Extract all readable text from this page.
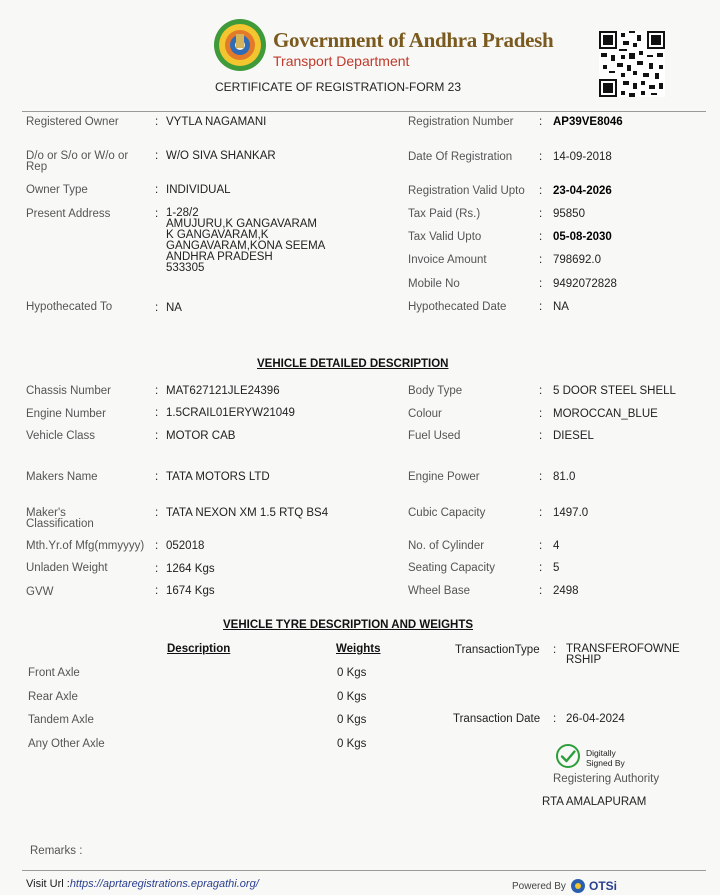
Government of Andhra Pradesh
Transport Department
CERTIFICATE OF REGISTRATION-FORM 23
Registered Owner	: VYTLA NAGAMANI
D/o or S/o or W/o or
Rep
: W/O SIVA SHANKAR
Owner Type	: INDIVIDUAL
Present Address	: 1-28/2
AMUJURU,K GANGAVARAM
K GANGAVARAM,K
GANGAVARAM,KONA SEEMA
ANDHRA PRADESH
533305
Hypothecated To	: NA
Registration Number : AP39VE8046
Date Of Registration : 14-09-2018
Registration Valid Upto : 23-04-2026
Tax Paid (Rs.)	: 95850
Tax Valid Upto	: 05-08-2030
Invoice Amount	: 798692.0
Mobile No	: 9492072828
Hypothecated Date	: NA
VEHICLE DETAILED DESCRIPTION
Chassis Number	: MAT627121JLE24396
Engine Number	: 1.5CRAIL01ERYW21049
Vehicle Class	: MOTOR CAB
Makers Name	: TATA MOTORS LTD
Maker's
Classification
: TATA NEXON XM 1.5 RTQ BS4
Mth.Yr.of Mfg(mmyyyy) : 052018
Unladen Weight	: 1264 Kgs
GVW	: 1674 Kgs
Body Type	: 5 DOOR STEEL SHELL
Colour	: MOROCCAN_BLUE
Fuel Used	: DIESEL
Engine Power	: 81.0
Cubic Capacity	: 1497.0
No. of Cylinder	: 4
Seating Capacity	: 5
Wheel Base	: 2498
VEHICLE TYRE DESCRIPTION AND WEIGHTS
Description	Weights
Front Axle	0 Kgs
Rear Axle	0 Kgs
Tandem Axle	0 Kgs
Any Other Axle	0 Kgs
TransactionType : TRANSFEROFOWNE
RSHIP
Transaction Date : 26-04-2024
Digitally
Signed By
Registering Authority
RTA AMALAPURAM
Remarks :
Visit Url :https://aprtaregistrations.epragathi.org/	Powered By OTSi
